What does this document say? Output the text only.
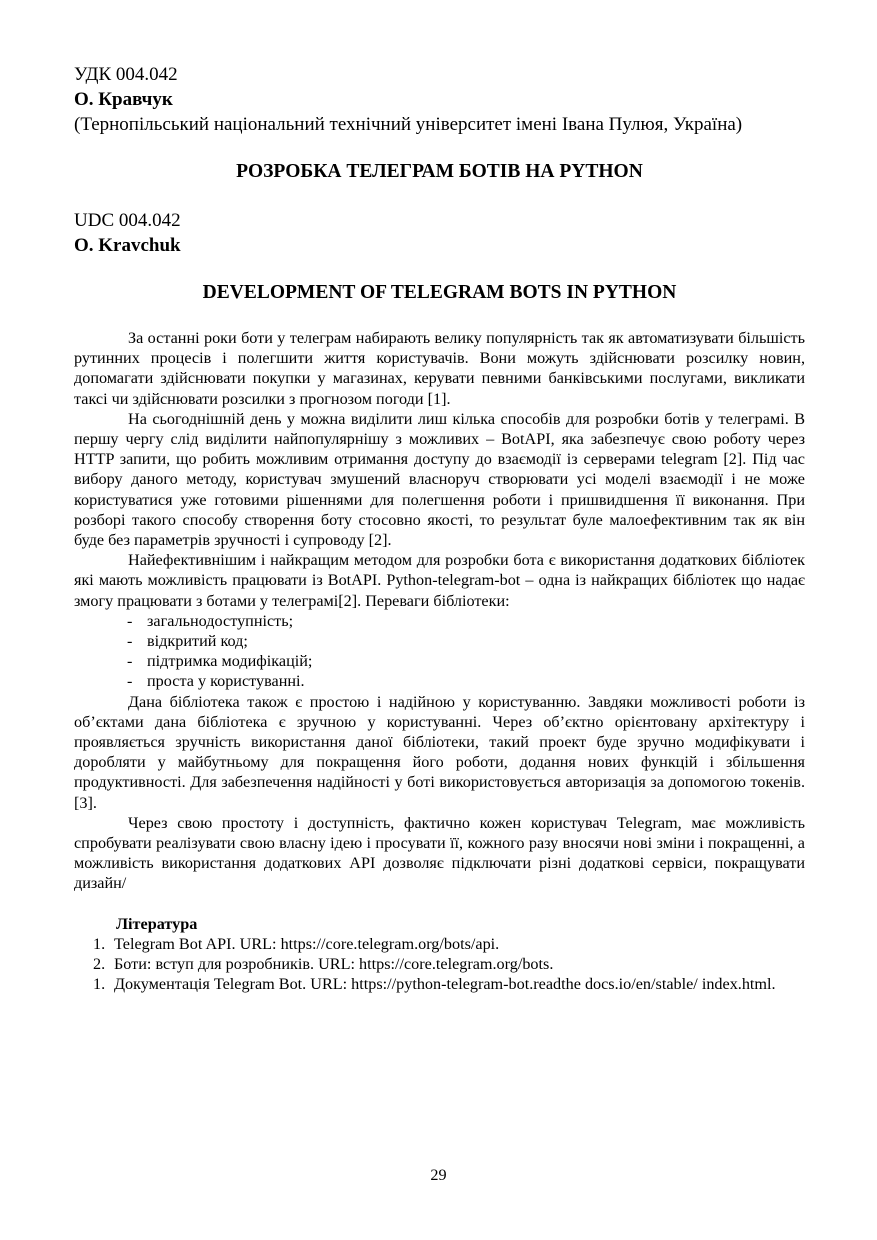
УДК 004.042

О. Кравчук

(Тернопільський національний технічний університет імені Івана Пулюя, Україна)

РОЗРОБКА ТЕЛЕГРАМ БОТІВ НА PYTHON

UDC 004.042

O. Kravchuk

DEVELOPMENT OF TELEGRAM BOTS IN PYTHON

За останні роки боти у телеграм набирають велику популярність так як автоматизувати більшість рутинних процесів і полегшити життя користувачів. Вони можуть здійснювати розсилку новин, допомагати здійснювати покупки у магазинах, керувати певними банківськими послугами, викликати таксі чи здійснювати розсилки з прогнозом погоди [1].

На сьогоднішній день у можна виділити лиш кілька способів для розробки ботів у телеграмі. В першу чергу слід виділити найпопулярнішу з можливих – BotAPI, яка забезпечує свою роботу через HTTP запити, що робить можливим отримання доступу до взаємодії із серверами telegram [2]. Під час вибору даного методу, користувач змушений власноруч створювати усі моделі взаємодії і не може користуватися уже готовими рішеннями для полегшення роботи і пришвидшення її виконання. При розборі такого способу створення боту стосовно якості, то результат буле малоефективним так як він буде без параметрів зручності і супроводу [2].

Найефективнішим і найкращим методом для розробки бота є використання додаткових бібліотек які мають можливість працювати із BotAPI. Python-telegram-bot – одна із найкращих бібліотек що надає змогу працювати з ботами у телеграмі[2]. Переваги бібліотеки:

- загальнодоступність;
- відкритий код;
- підтримка модифікацій;
- проста у користуванні.

Дана бібліотека також є простою і надійною у користуванню. Завдяки можливості роботи із об’єктами дана бібліотека є зручною у користуванні. Через об’єктно орієнтовану архітектуру і проявляється зручність використання даної бібліотеки, такий проект буде зручно модифікувати і доробляти у майбутньому для покращення його роботи, додання нових функцій і збільшення продуктивності. Для забезпечення надійності у боті використовується авторизація за допомогою токенів.[3].

Через свою простоту і доступність, фактично кожен користувач Telegram, має можливість спробувати реалізувати свою власну ідею і просувати її, кожного разу вносячи нові зміни і покращенні, а можливість використання додаткових API дозволяє підключати різні додаткові сервіси, покращувати дизайн/

Література

1. Telegram Bot API. URL: https://core.telegram.org/bots/api.
2. Боти: вступ для розробників. URL: https://core.telegram.org/bots.
1. Документація Telegram Bot. URL: https://python-telegram-bot.readthe docs.io/en/stable/ index.html.
29
